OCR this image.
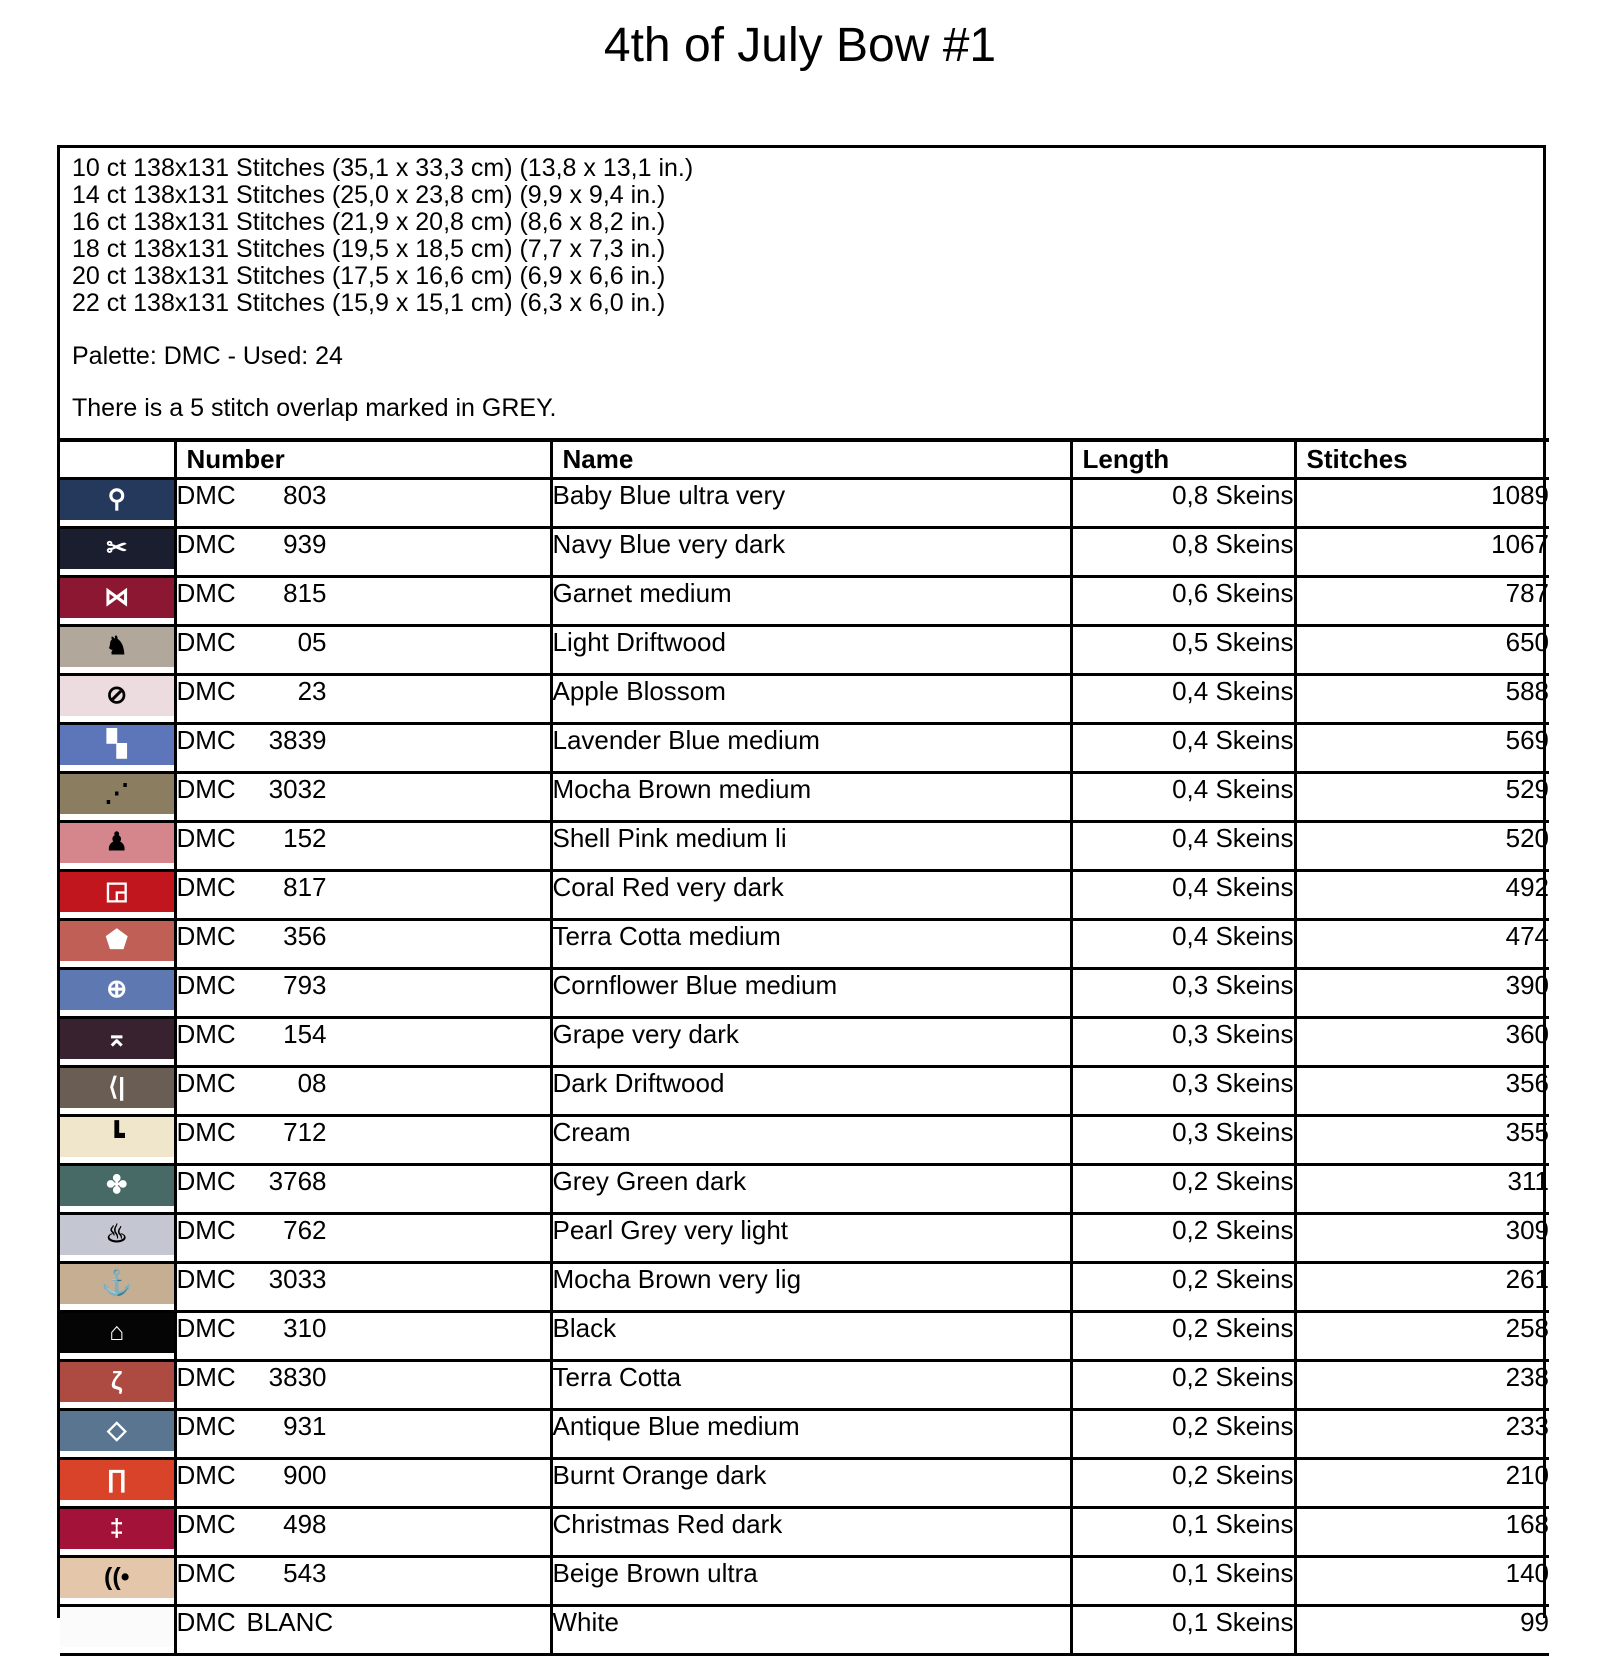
4th of July Bow #1
10 ct 138x131 Stitches (35,1 x 33,3 cm) (13,8 x 13,1 in.)
14 ct 138x131 Stitches (25,0 x 23,8 cm) (9,9 x 9,4 in.)
16 ct 138x131 Stitches (21,9 x 20,8 cm) (8,6 x 8,2 in.)
18 ct 138x131 Stitches (19,5 x 18,5 cm) (7,7 x 7,3 in.)
20 ct 138x131 Stitches (17,5 x 16,6 cm) (6,9 x 6,6 in.)
22 ct 138x131 Stitches (15,9 x 15,1 cm) (6,3 x 6,0 in.)
Palette: DMC - Used: 24
There is a 5 stitch overlap marked in GREY.
	Number	Name	Length	Stitches

⚲	DMC 803	Baby Blue ultra very	0,8 Skeins	1089

✂	DMC 939	Navy Blue very dark	0,8 Skeins	1067

⋈	DMC 815	Garnet medium	0,6 Skeins	787

♞	DMC 05	Light Driftwood	0,5 Skeins	650

⊘	DMC 23	Apple Blossom	0,4 Skeins	588

▚	DMC 3839	Lavender Blue medium	0,4 Skeins	569

⋰	DMC 3032	Mocha Brown medium	0,4 Skeins	529

♟	DMC 152	Shell Pink medium li	0,4 Skeins	520

◲	DMC 817	Coral Red very dark	0,4 Skeins	492

⬟	DMC 356	Terra Cotta medium	0,4 Skeins	474

⊕	DMC 793	Cornflower Blue medium	0,3 Skeins	390

⌅	DMC 154	Grape very dark	0,3 Skeins	360

⟨|	DMC 08	Dark Driftwood	0,3 Skeins	356

┗	DMC 712	Cream	0,3 Skeins	355

✤	DMC 3768	Grey Green dark	0,2 Skeins	311

♨	DMC 762	Pearl Grey very light	0,2 Skeins	309

⚓	DMC 3033	Mocha Brown very lig	0,2 Skeins	261

⌂	DMC 310	Black	0,2 Skeins	258

ζ	DMC 3830	Terra Cotta	0,2 Skeins	238

◇	DMC 931	Antique Blue medium	0,2 Skeins	233

∏	DMC 900	Burnt Orange dark	0,2 Skeins	210

‡	DMC 498	Christmas Red dark	0,1 Skeins	168

((•	DMC 543	Beige Brown ultra	0,1 Skeins	140

	DMC BLANC	White	0,1 Skeins	99
